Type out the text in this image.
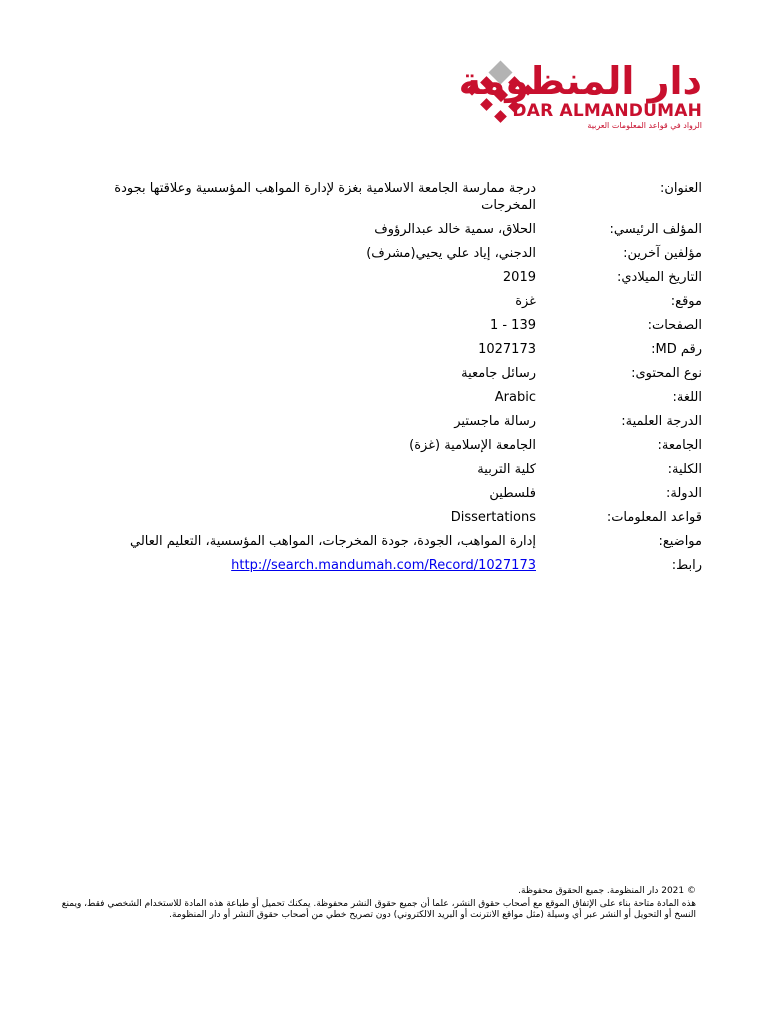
دار المنظومة
DAR ALMANDUMAH
الرواد في قواعد المعلومات العربية
العنوان:
درجة ممارسة الجامعة الاسلامية بغزة لإدارة المواهب المؤسسية وعلاقتها بجودة المخرجات
المؤلف الرئيسي:
الحلاق، سمية خالد عبدالرؤوف
مؤلفين آخرين:
الدجني، إياد علي يحيي(مشرف)
التاريخ الميلادي:
2019
موقع:
غزة
الصفحات:
1 - 139
رقم MD:
1027173
نوع المحتوى:
رسائل جامعية
اللغة:
Arabic
الدرجة العلمية:
رسالة ماجستير
الجامعة:
الجامعة الإسلامية (غزة)
الكلية:
كلية التربية
الدولة:
فلسطين
قواعد المعلومات:
Dissertations
مواضيع:
إدارة المواهب، الجودة، جودة المخرجات، المواهب المؤسسية، التعليم العالي
رابط:
http://search.mandumah.com/Record/1027173

© 2021 دار المنظومة. جميع الحقوق محفوظة.

هذه المادة متاحة بناء على الإتفاق الموقع مع أصحاب حقوق النشر، علما أن جميع حقوق النشر محفوظة. يمكنك تحميل أو طباعة هذه المادة للاستخدام الشخصي فقط، ويمنع النسخ أو التحويل أو النشر عبر أي وسيلة (مثل مواقع الانترنت أو البريد الالكتروني) دون تصريح خطي من أصحاب حقوق النشر أو دار المنظومة.
